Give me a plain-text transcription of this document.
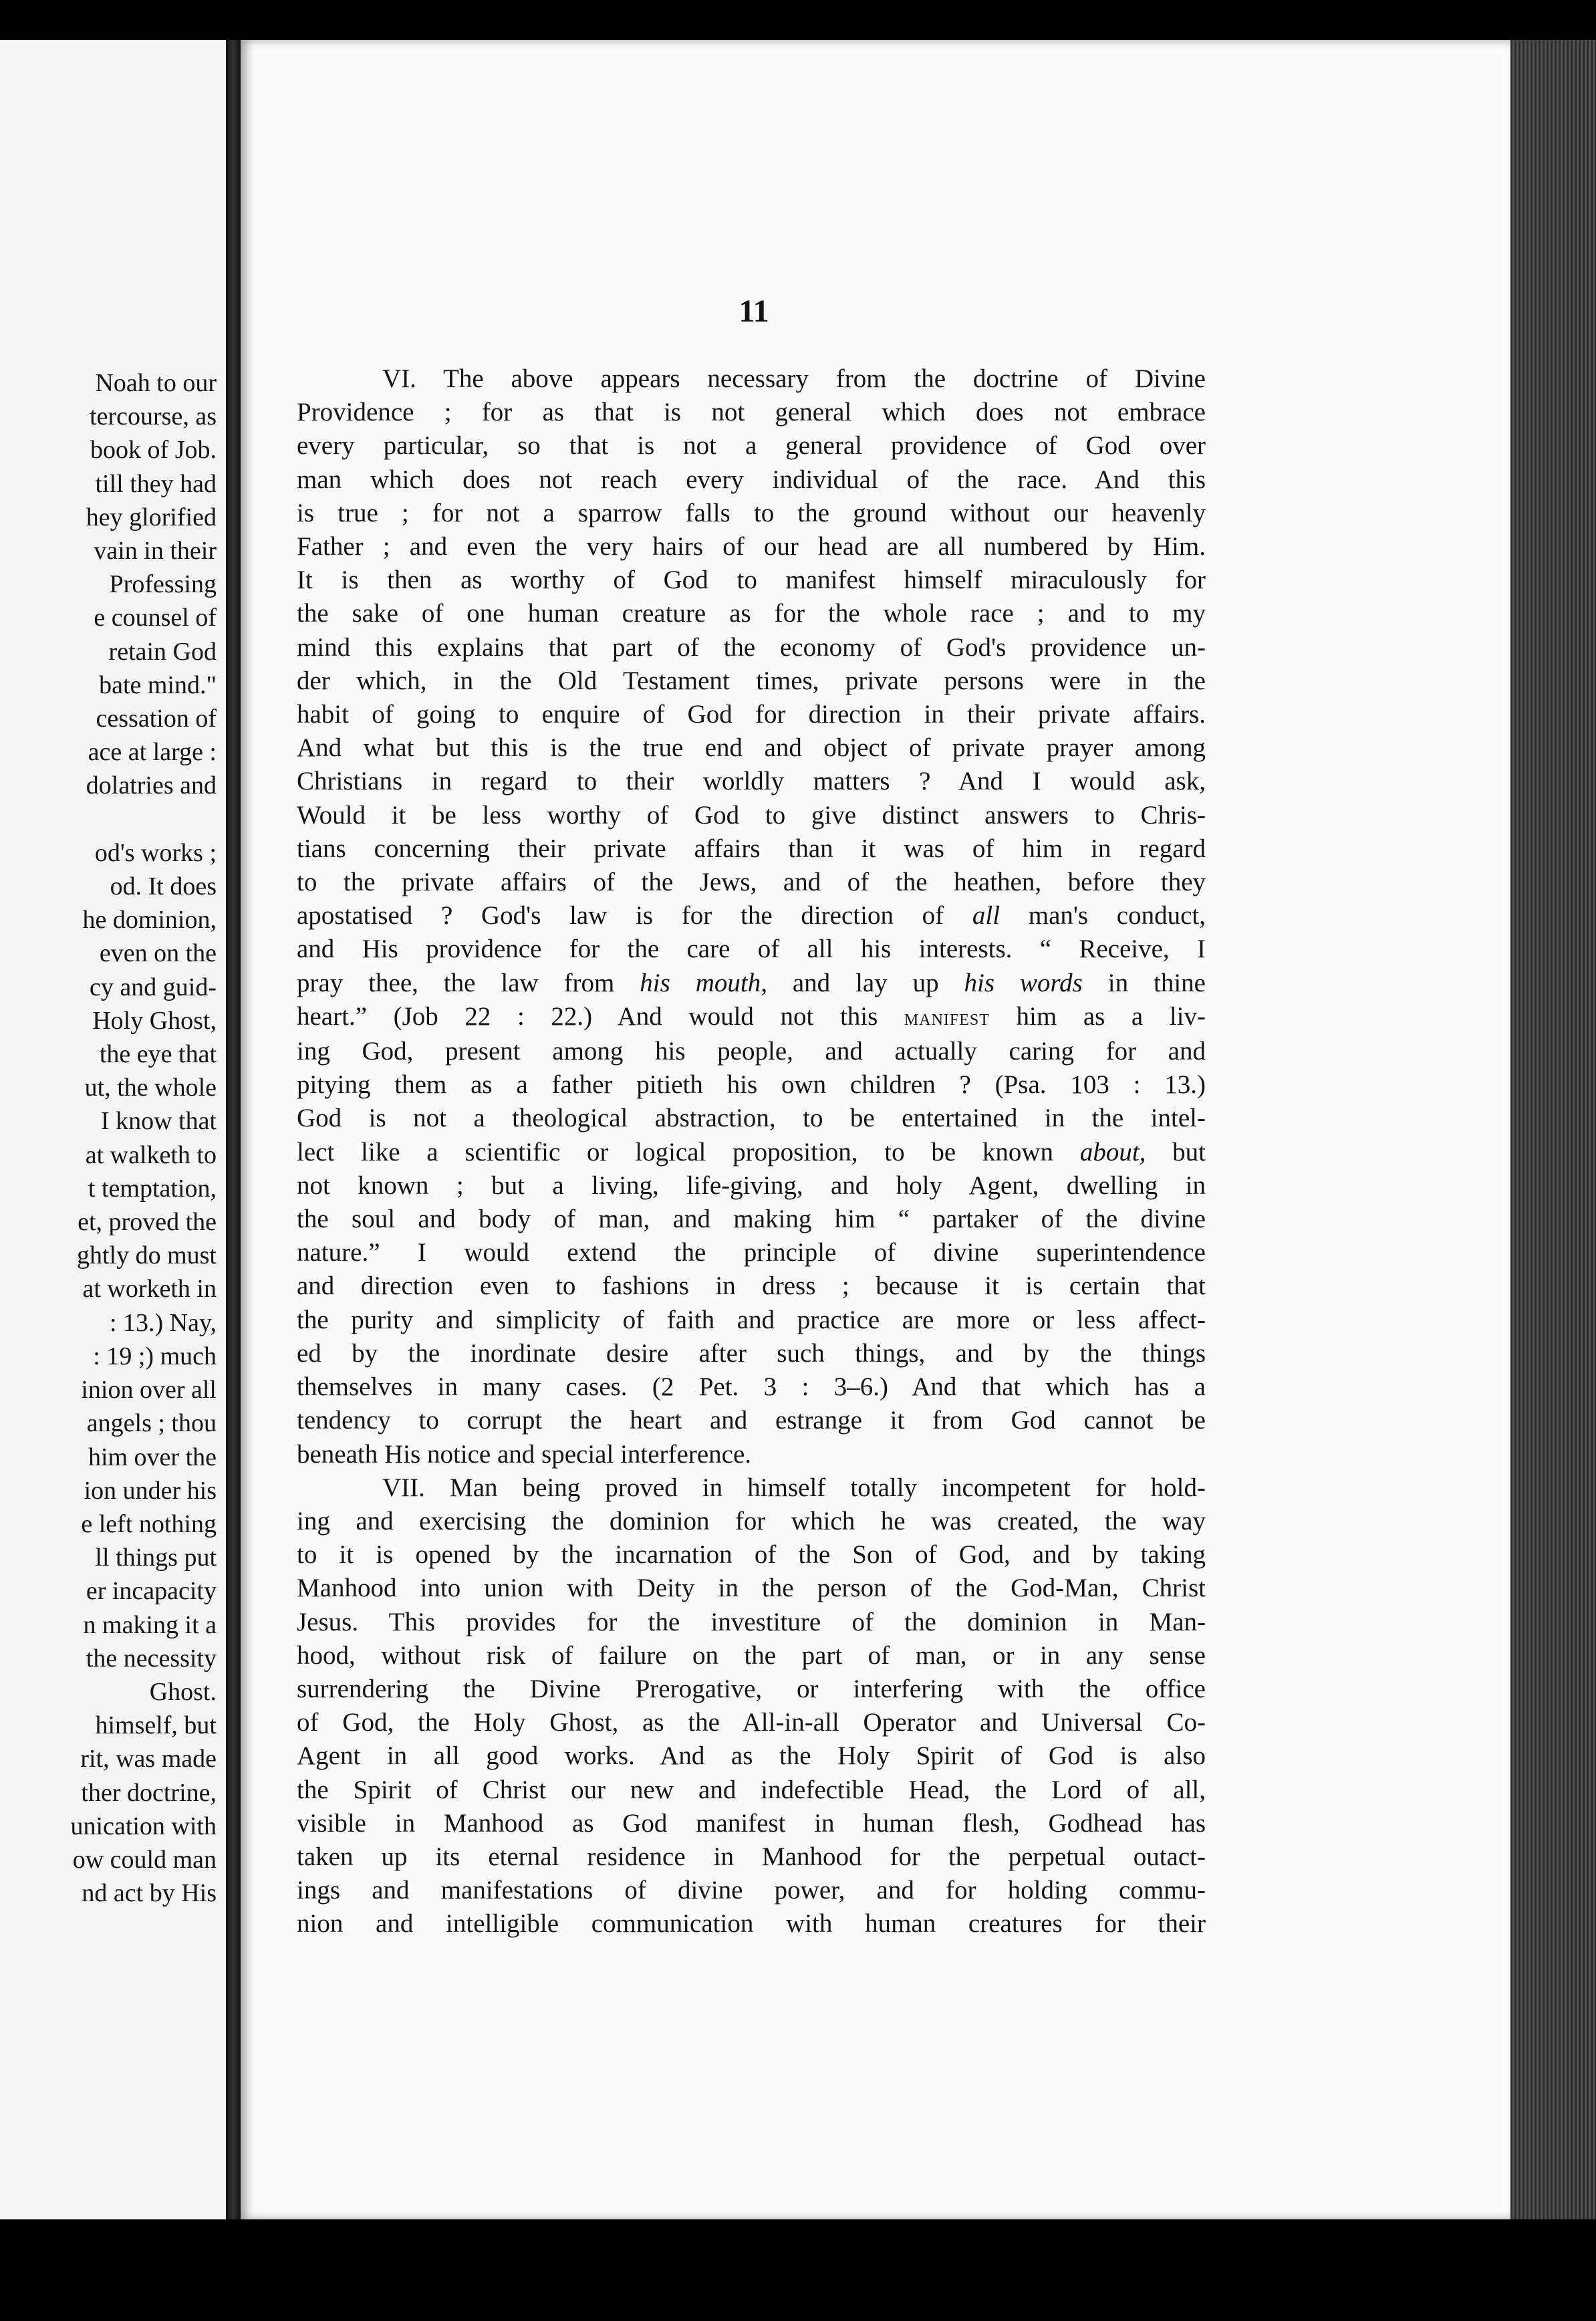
Noah to our
tercourse, as
book of Job.
till they had
hey glorified
vain in their
Professing
e counsel of
retain God
bate mind."
cessation of
ace at large :
dolatries and

od's works ;
od. It does
he dominion,
even on the
cy and guid-
Holy Ghost,
the eye that
ut, the whole
I know that
at walketh to
t temptation,
et, proved the
ghtly do must
at worketh in
: 13.) Nay,
: 19 ;) much
inion over all
angels ; thou
him over the
ion under his
e left nothing
ll things put
er incapacity
n making it a
the necessity
Ghost.
himself, but
rit, was made
ther doctrine,
unication with
ow could man
nd act by His
11
VI. The above appears necessary from the doctrine of Divine
Providence ; for as that is not general which does not embrace
every particular, so that is not a general providence of God over
man which does not reach every individual of the race. And this
is true ; for not a sparrow falls to the ground without our heavenly
Father ; and even the very hairs of our head are all numbered by Him.
It is then as worthy of God to manifest himself miraculously for
the sake of one human creature as for the whole race ; and to my
mind this explains that part of the economy of God's providence un-
der which, in the Old Testament times, private persons were in the
habit of going to enquire of God for direction in their private affairs.
And what but this is the true end and object of private prayer among
Christians in regard to their worldly matters ? And I would ask,
Would it be less worthy of God to give distinct answers to Chris-
tians concerning their private affairs than it was of him in regard
to the private affairs of the Jews, and of the heathen, before they
apostatised ? God's law is for the direction of all man's conduct,
and His providence for the care of all his interests. “ Receive, I
pray thee, the law from his mouth, and lay up his words in thine
heart.” (Job 22 : 22.) And would not this manifest him as a liv-
ing God, present among his people, and actually caring for and
pitying them as a father pitieth his own children ? (Psa. 103 : 13.)
God is not a theological abstraction, to be entertained in the intel-
lect like a scientific or logical proposition, to be known about, but
not known ; but a living, life-giving, and holy Agent, dwelling in
the soul and body of man, and making him “ partaker of the divine
nature.” I would extend the principle of divine superintendence
and direction even to fashions in dress ; because it is certain that
the purity and simplicity of faith and practice are more or less affect-
ed by the inordinate desire after such things, and by the things
themselves in many cases. (2 Pet. 3 : 3–6.) And that which has a
tendency to corrupt the heart and estrange it from God cannot be
beneath His notice and special interference.
VII. Man being proved in himself totally incompetent for hold-
ing and exercising the dominion for which he was created, the way
to it is opened by the incarnation of the Son of God, and by taking
Manhood into union with Deity in the person of the God-Man, Christ
Jesus. This provides for the investiture of the dominion in Man-
hood, without risk of failure on the part of man, or in any sense
surrendering the Divine Prerogative, or interfering with the office
of God, the Holy Ghost, as the All-in-all Operator and Universal Co-
Agent in all good works. And as the Holy Spirit of God is also
the Spirit of Christ our new and indefectible Head, the Lord of all,
visible in Manhood as God manifest in human flesh, Godhead has
taken up its eternal residence in Manhood for the perpetual outact-
ings and manifestations of divine power, and for holding commu-
nion and intelligible communication with human creatures for their
